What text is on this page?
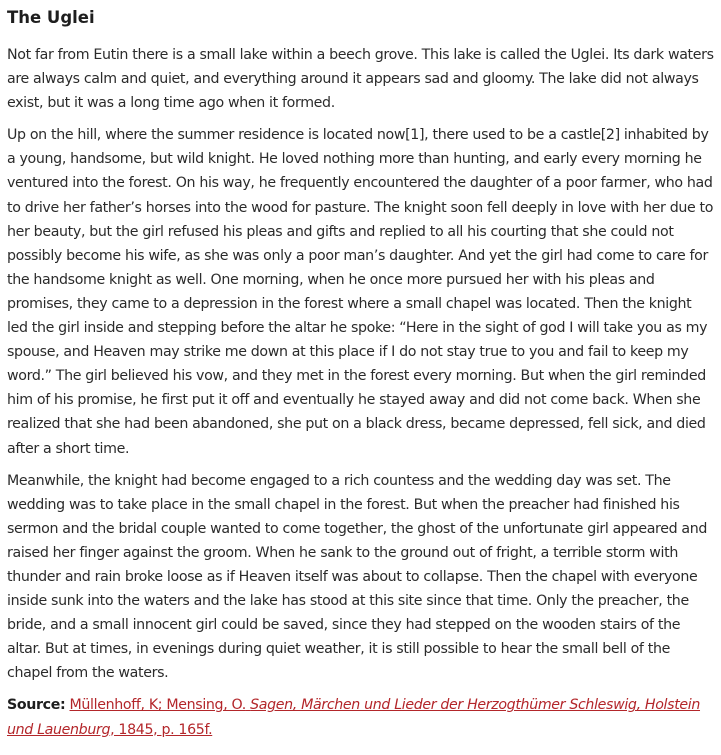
The Uglei

Not far from Eutin there is a small lake within a beech grove. This lake is called the Uglei. Its dark waters are always calm and quiet, and everything around it appears sad and gloomy. The lake did not always exist, but it was a long time ago when it formed.

Up on the hill, where the summer residence is located now[1], there used to be a castle[2] inhabited by a young, handsome, but wild knight. He loved nothing more than hunting, and early every morning he ventured into the forest. On his way, he frequently encountered the daughter of a poor farmer, who had to drive her father’s horses into the wood for pasture. The knight soon fell deeply in love with her due to her beauty, but the girl refused his pleas and gifts and replied to all his courting that she could not possibly become his wife, as she was only a poor man’s daughter. And yet the girl had come to care for the handsome knight as well. One morning, when he once more pursued her with his pleas and promises, they came to a depression in the forest where a small chapel was located. Then the knight led the girl inside and stepping before the altar he spoke: “Here in the sight of god I will take you as my spouse, and Heaven may strike me down at this place if I do not stay true to you and fail to keep my word.” The girl believed his vow, and they met in the forest every morning. But when the girl reminded him of his promise, he first put it off and eventually he stayed away and did not come back. When she realized that she had been abandoned, she put on a black dress, became depressed, fell sick, and died after a short time.

Meanwhile, the knight had become engaged to a rich countess and the wedding day was set. The wedding was to take place in the small chapel in the forest. But when the preacher had finished his sermon and the bridal couple wanted to come together, the ghost of the unfortunate girl appeared and raised her finger against the groom. When he sank to the ground out of fright, a terrible storm with thunder and rain broke loose as if Heaven itself was about to collapse. Then the chapel with everyone inside sunk into the waters and the lake has stood at this site since that time. Only the preacher, the bride, and a small innocent girl could be saved, since they had stepped on the wooden stairs of the altar. But at times, in evenings during quiet weather, it is still possible to hear the small bell of the chapel from the waters.

Source: Müllenhoff, K; Mensing, O. Sagen, Märchen und Lieder der Herzogthümer Schleswig, Holstein und Lauenburg, 1845, p. 165f.
